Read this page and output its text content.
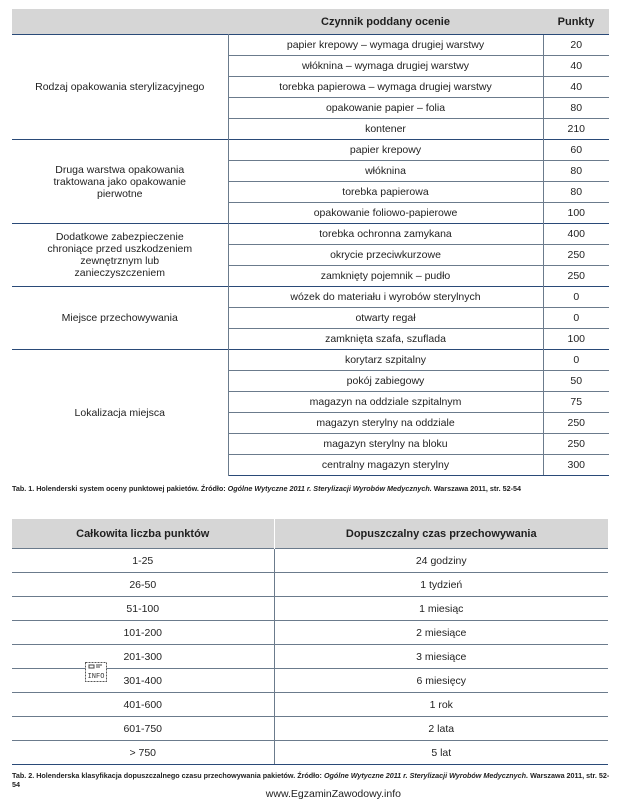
	Czynnik poddany ocenie	Punkty
Rodzaj opakowania sterylizacyjnego	papier krepowy – wymaga drugiej warstwy	20
	włóknina – wymaga drugiej warstwy	40
	torebka papierowa – wymaga drugiej warstwy	40
	opakowanie papier – folia	80
	kontener	210

Druga warstwa opakowania traktowana jako opakowanie pierwotne	papier krepowy	60
	włóknina	80
	torebka papierowa	80
	opakowanie foliowo-papierowe	100

Dodatkowe zabezpieczenie chroniące przed uszkodzeniem zewnętrznym lub zanieczyszczeniem	torebka ochronna zamykana	400
	okrycie przeciwkurzowe	250
	zamknięty pojemnik – pudło	250
Miejsce przechowywania	wózek do materiału i wyrobów sterylnych	0
	otwarty regał	0
	zamknięta szafa, szuflada	100
Lokalizacja miejsca	korytarz szpitalny	0
	pokój zabiegowy	50
	magazyn na oddziale szpitalnym	75
	magazyn sterylny na oddziale	250
	magazyn sterylny na bloku	250
	centralny magazyn sterylny	300
Tab. 1. Holenderski system oceny punktowej pakietów. Źródło: Ogólne Wytyczne 2011 r. Sterylizacji Wyrobów Medycznych. Warszawa 2011, str. 52-54
Całkowita liczba punktów	Dopuszczalny czas przechowywania
1-25	24 godziny
26-50	1 tydzień
51-100	1 miesiąc
101-200	2 miesiące
201-300	3 miesiące
301-400	6 miesięcy
401-600	1 rok
601-750	2 lata
> 750	5 lat
INFO
Tab. 2. Holenderska klasyfikacja dopuszczalnego czasu przechowywania pakietów. Źródło: Ogólne Wytyczne 2011 r. Sterylizacji Wyrobów Medycznych. Warszawa 2011, str. 52-54
www.EgzaminZawodowy.info
